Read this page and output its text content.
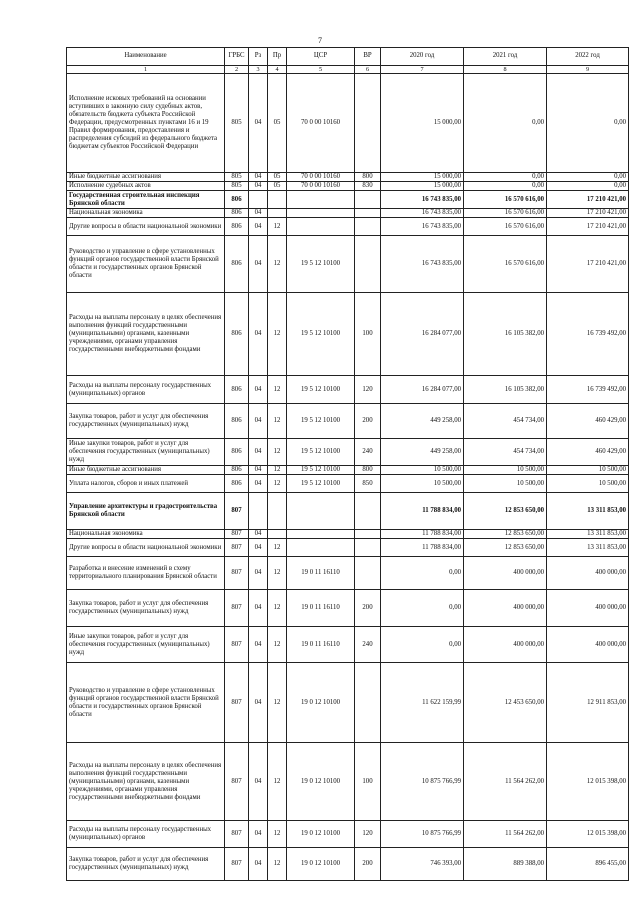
7
Наименование	ГРБС	Рз	Пр	ЦСР	ВР	2020 год	2021 год	2022 год
1	2	3	4	5	6	7	8	9
Исполнение исковых требований на основании вступивших в законную силу судебных актов, обязательств бюджета субъекта Российской Федерации, предусмотренных пунктами 16 и 19 Правил формирования, предоставления и распределения субсидий из федерального бюджета бюджетам субъектов Российской Федерации	805	04	05	70 0 00 10160		15 000,00	0,00	0,00
Иные бюджетные ассигнования	805	04	05	70 0 00 10160	800	15 000,00	0,00	0,00
Исполнение судебных актов	805	04	05	70 0 00 10160	830	15 000,00	0,00	0,00
Государственная строительная инспекция Брянской области	806					16 743 835,00	16 570 616,00	17 210 421,00
Национальная экономика	806	04				16 743 835,00	16 570 616,00	17 210 421,00
Другие вопросы в области национальной экономики	806	04	12			16 743 835,00	16 570 616,00	17 210 421,00
Руководство и управление в сфере установленных функций органов государственной власти Брянской области и государственных органов Брянской области	806	04	12	19 5 12 10100		16 743 835,00	16 570 616,00	17 210 421,00
Расходы на выплаты персоналу в целях обеспечения выполнения функций государственными (муниципальными) органами, казенными учреждениями, органами управления государственными внебюджетными фондами	806	04	12	19 5 12 10100	100	16 284 077,00	16 105 382,00	16 739 492,00
Расходы на выплаты персоналу государственных (муниципальных) органов	806	04	12	19 5 12 10100	120	16 284 077,00	16 105 382,00	16 739 492,00
Закупка товаров, работ и услуг для обеспечения государственных (муниципальных) нужд	806	04	12	19 5 12 10100	200	449 258,00	454 734,00	460 429,00
Иные закупки товаров, работ и услуг для обеспечения государственных (муниципальных) нужд	806	04	12	19 5 12 10100	240	449 258,00	454 734,00	460 429,00
Иные бюджетные ассигнования	806	04	12	19 5 12 10100	800	10 500,00	10 500,00	10 500,00
Уплата налогов, сборов и иных платежей	806	04	12	19 5 12 10100	850	10 500,00	10 500,00	10 500,00
Управление архитектуры и градостроительства Брянской области	807					11 788 834,00	12 853 650,00	13 311 853,00
Национальная экономика	807	04				11 788 834,00	12 853 650,00	13 311 853,00
Другие вопросы в области национальной экономики	807	04	12			11 788 834,00	12 853 650,00	13 311 853,00
Разработка и внесение изменений в схему территориального планирования Брянской области	807	04	12	19 0 11 16110		0,00	400 000,00	400 000,00
Закупка товаров, работ и услуг для обеспечения государственных (муниципальных) нужд	807	04	12	19 0 11 16110	200	0,00	400 000,00	400 000,00
Иные закупки товаров, работ и услуг для обеспечения государственных (муниципальных) нужд	807	04	12	19 0 11 16110	240	0,00	400 000,00	400 000,00
Руководство и управление в сфере установленных функций органов государственной власти Брянской области и государственных органов Брянской области	807	04	12	19 0 12 10100		11 622 159,99	12 453 650,00	12 911 853,00
Расходы на выплаты персоналу в целях обеспечения выполнения функций государственными (муниципальными) органами, казенными учреждениями, органами управления государственными внебюджетными фондами	807	04	12	19 0 12 10100	100	10 875 766,99	11 564 262,00	12 015 398,00
Расходы на выплаты персоналу государственных (муниципальных) органов	807	04	12	19 0 12 10100	120	10 875 766,99	11 564 262,00	12 015 398,00
Закупка товаров, работ и услуг для обеспечения государственных (муниципальных) нужд	807	04	12	19 0 12 10100	200	746 393,00	889 388,00	896 455,00
